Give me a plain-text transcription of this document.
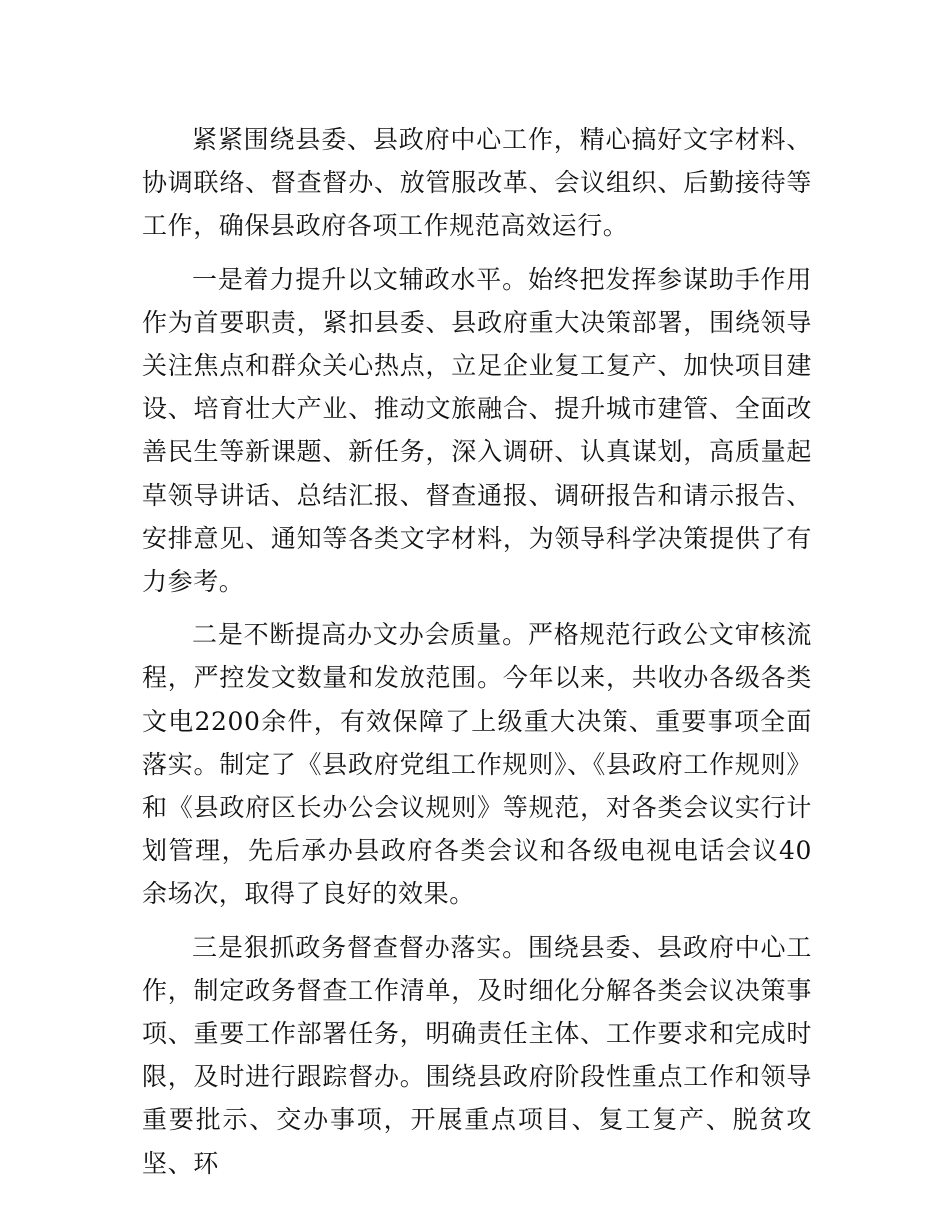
紧紧围绕县委、县政府中心工作，精心搞好文字材料、协调联络、督查督办、放管服改革、会议组织、后勤接待等工作，确保县政府各项工作规范高效运行。

一是着力提升以文辅政水平。始终把发挥参谋助手作用作为首要职责，紧扣县委、县政府重大决策部署，围绕领导关注焦点和群众关心热点，立足企业复工复产、加快项目建设、培育壮大产业、推动文旅融合、提升城市建管、全面改善民生等新课题、新任务，深入调研、认真谋划，高质量起草领导讲话、总结汇报、督查通报、调研报告和请示报告、安排意见、通知等各类文字材料，为领导科学决策提供了有力参考。

二是不断提高办文办会质量。严格规范行政公文审核流程，严控发文数量和发放范围。今年以来，共收办各级各类文电2200余件，有效保障了上级重大决策、重要事项全面落实。制定了《县政府党组工作规则》、《县政府工作规则》和《县政府区长办公会议规则》等规范，对各类会议实行计划管理，先后承办县政府各类会议和各级电视电话会议40余场次，取得了良好的效果。

三是狠抓政务督查督办落实。围绕县委、县政府中心工作，制定政务督查工作清单，及时细化分解各类会议决策事项、重要工作部署任务，明确责任主体、工作要求和完成时限，及时进行跟踪督办。围绕县政府阶段性重点工作和领导重要批示、交办事项，开展重点项目、复工复产、脱贫攻坚、环
